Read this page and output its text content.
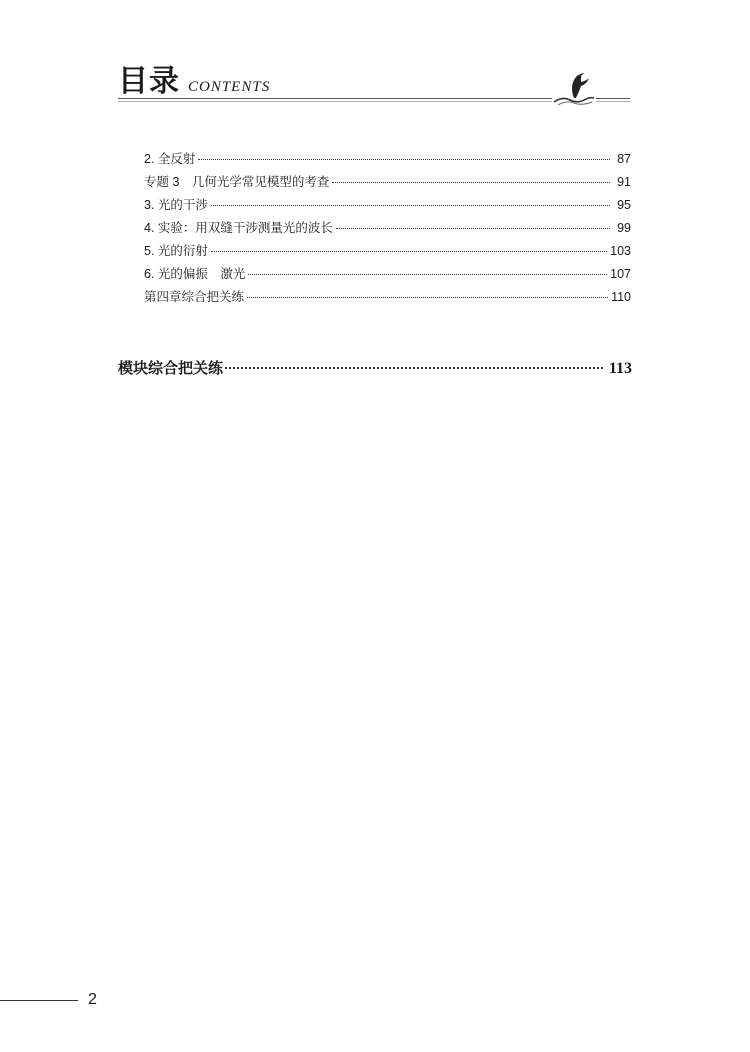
目录 CONTENTS
2. 全反射	87
专题 3　几何光学常见模型的考查	91
3. 光的干涉	95
4. 实验：用双缝干涉测量光的波长	99
5. 光的衍射	103
6. 光的偏振　激光	107
第四章综合把关练	110
模块综合把关练	113
2
